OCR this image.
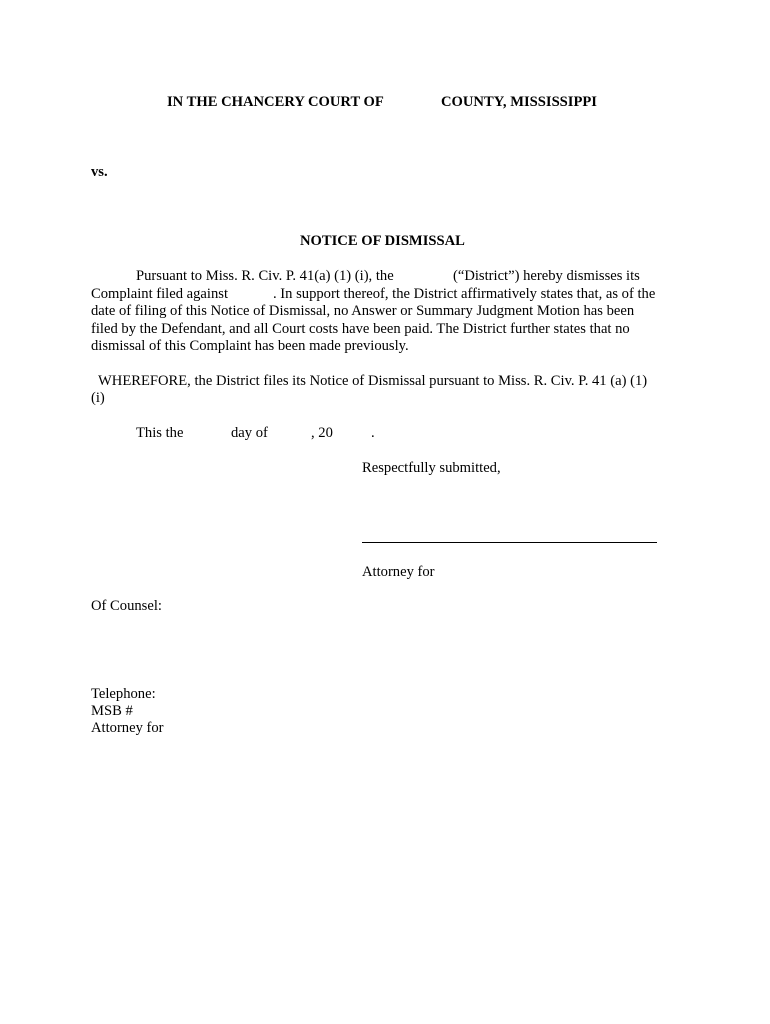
IN THE CHANCERY COURT OF	COUNTY, MISSISSIPPI
vs.
NOTICE OF DISMISSAL
Pursuant to Miss. R. Civ. P. 41(a) (1) (i), the	(“District”) hereby dismisses its
Complaint filed against	. In support thereof, the District affirmatively states that, as of the
date of filing of this Notice of Dismissal, no Answer or Summary Judgment Motion has been
filed by the Defendant, and all Court costs have been paid. The District further states that no
dismissal of this Complaint has been made previously.
WHEREFORE, the District files its Notice of Dismissal pursuant to Miss. R. Civ. P. 41 (a) (1)
(i)
This the	day of	, 20	.
Respectfully submitted,
Attorney for
Of Counsel:
Telephone:
MSB #
Attorney for
